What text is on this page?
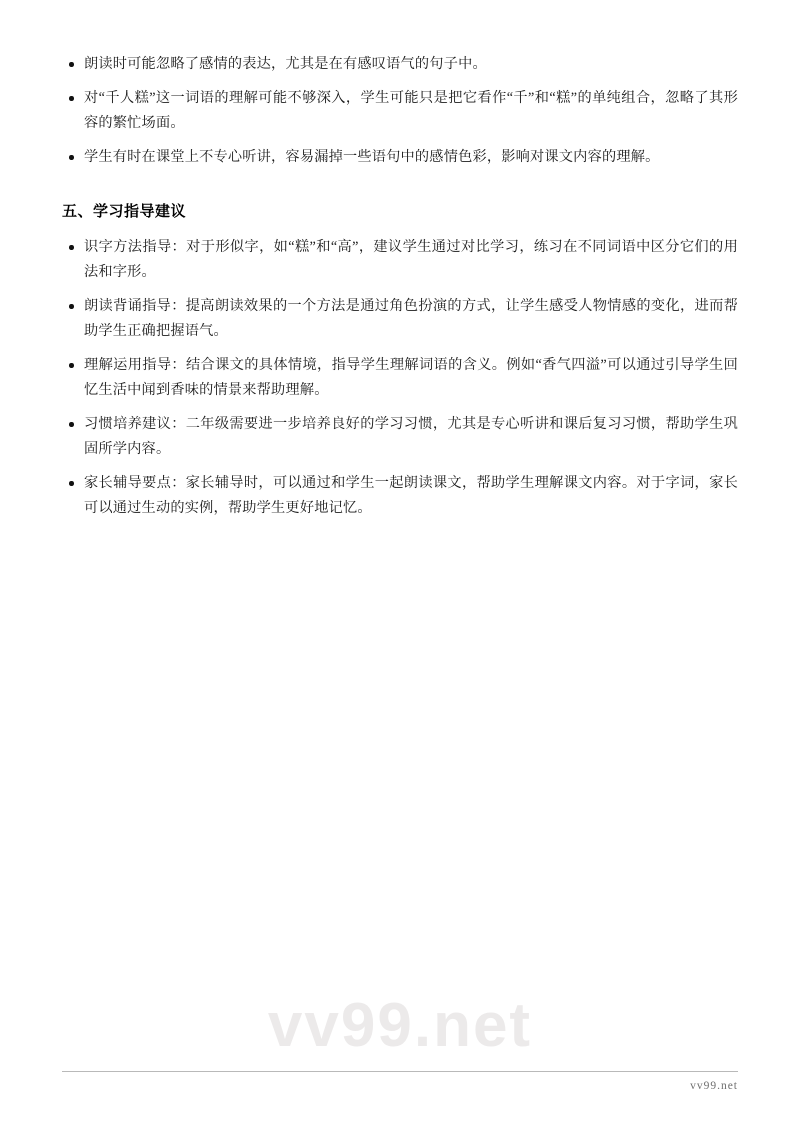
vv99.net
朗读时可能忽略了感情的表达，尤其是在有感叹语气的句子中。
对“千人糕”这一词语的理解可能不够深入，学生可能只是把它看作“千”和“糕”的单纯组合，忽略了其形容的繁忙场面。
学生有时在课堂上不专心听讲，容易漏掉一些语句中的感情色彩，影响对课文内容的理解。
五、学习指导建议
识字方法指导：对于形似字，如“糕”和“高”，建议学生通过对比学习，练习在不同词语中区分它们的用法和字形。
朗读背诵指导：提高朗读效果的一个方法是通过角色扮演的方式，让学生感受人物情感的变化，进而帮助学生正确把握语气。
理解运用指导：结合课文的具体情境，指导学生理解词语的含义。例如“香气四溢”可以通过引导学生回忆生活中闻到香味的情景来帮助理解。
习惯培养建议：二年级需要进一步培养良好的学习习惯，尤其是专心听讲和课后复习习惯，帮助学生巩固所学内容。
家长辅导要点：家长辅导时，可以通过和学生一起朗读课文，帮助学生理解课文内容。对于字词，家长可以通过生动的实例，帮助学生更好地记忆。
vv99.net
